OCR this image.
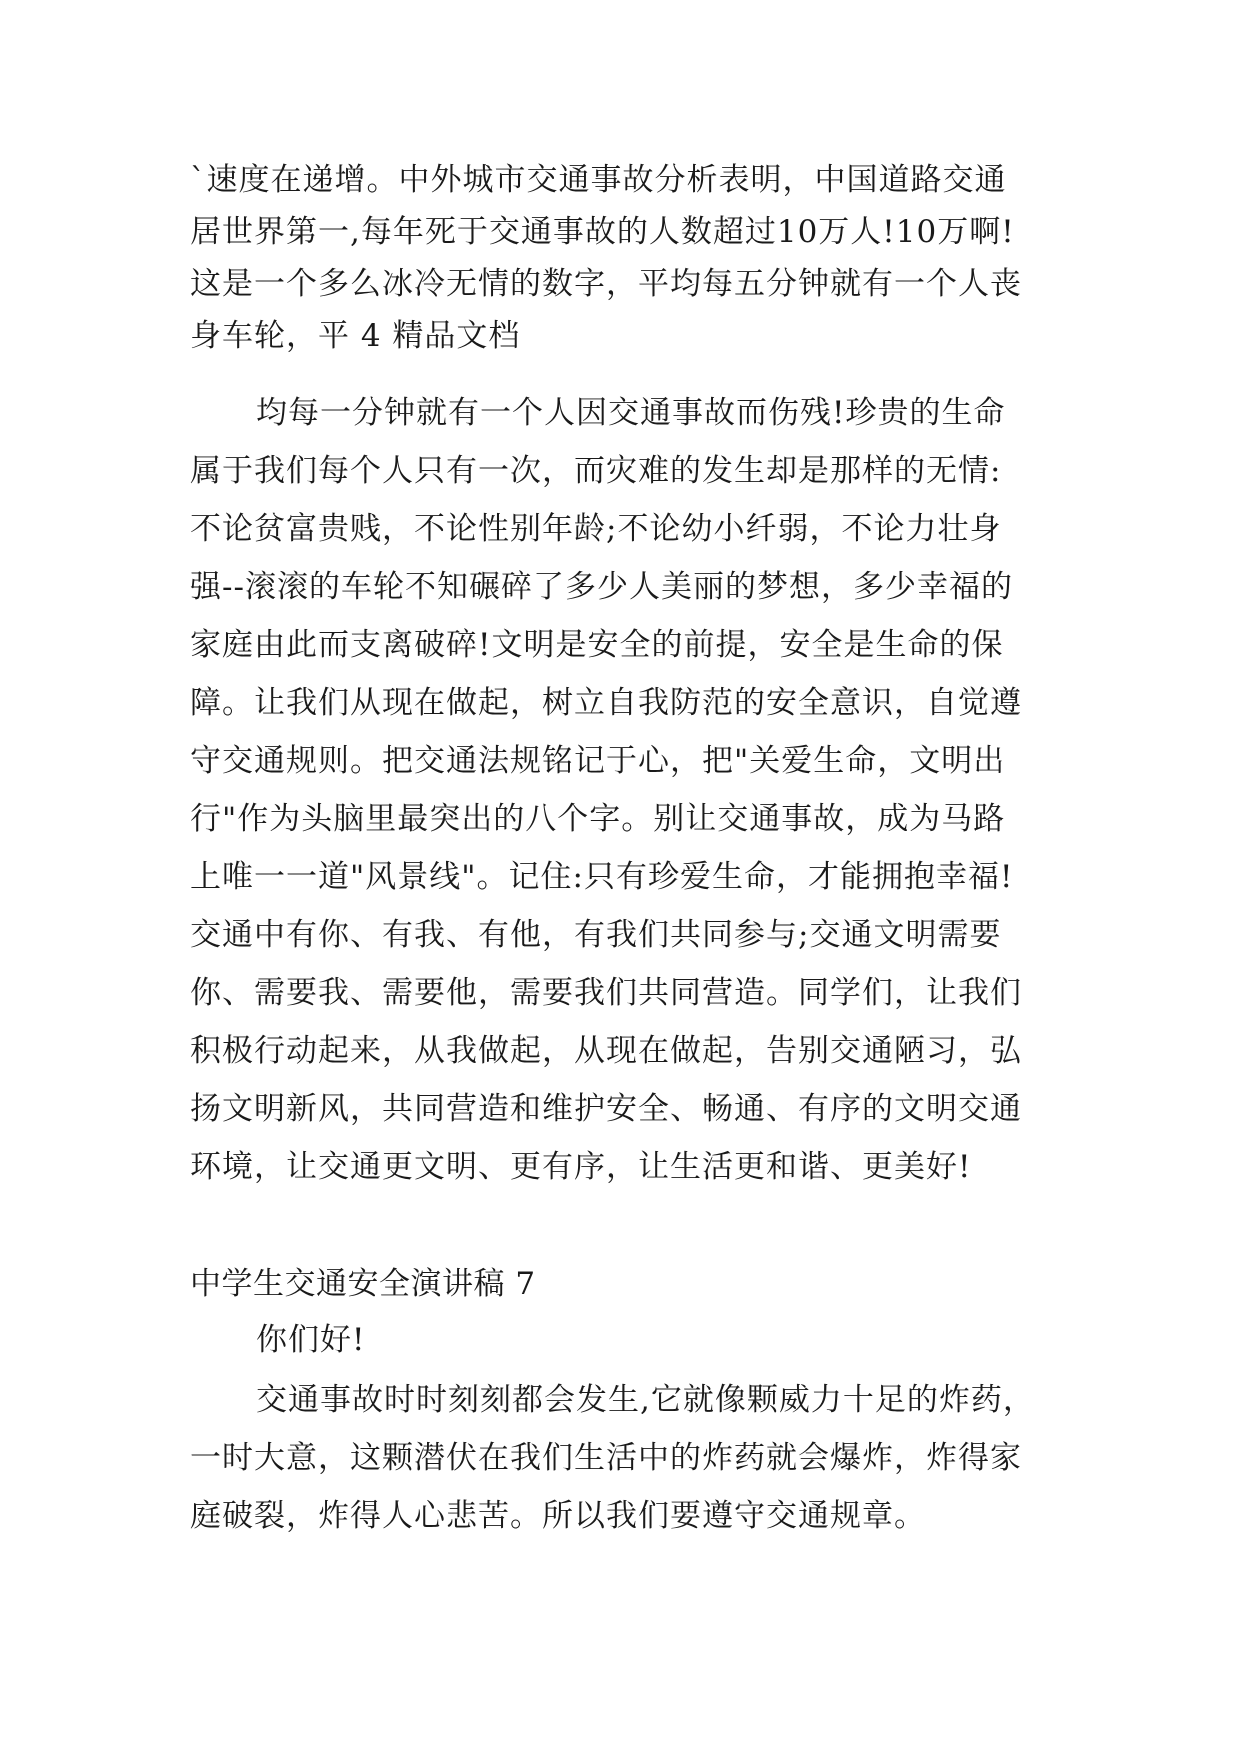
`速度在递增。中外城市交通事故分析表明，中国道路交通
居世界第一,每年死于交通事故的人数超过10万人!10万啊!
这是一个多么冰冷无情的数字，平均每五分钟就有一个人丧
身车轮，平 4 精品文档
均每一分钟就有一个人因交通事故而伤残!珍贵的生命
属于我们每个人只有一次，而灾难的发生却是那样的无情:
不论贫富贵贱，不论性别年龄;不论幼小纤弱，不论力壮身
强--滚滚的车轮不知碾碎了多少人美丽的梦想，多少幸福的
家庭由此而支离破碎!文明是安全的前提，安全是生命的保
障。让我们从现在做起，树立自我防范的安全意识，自觉遵
守交通规则。把交通法规铭记于心，把"关爱生命，文明出
行"作为头脑里最突出的八个字。别让交通事故，成为马路
上唯一一道"风景线"。记住:只有珍爱生命，才能拥抱幸福!
交通中有你、有我、有他，有我们共同参与;交通文明需要
你、需要我、需要他，需要我们共同营造。同学们，让我们
积极行动起来，从我做起，从现在做起，告别交通陋习，弘
扬文明新风，共同营造和维护安全、畅通、有序的文明交通
环境，让交通更文明、更有序，让生活更和谐、更美好!
中学生交通安全演讲稿 7
你们好!
交通事故时时刻刻都会发生,它就像颗威力十足的炸药，
一时大意，这颗潜伏在我们生活中的炸药就会爆炸，炸得家
庭破裂，炸得人心悲苦。所以我们要遵守交通规章。
